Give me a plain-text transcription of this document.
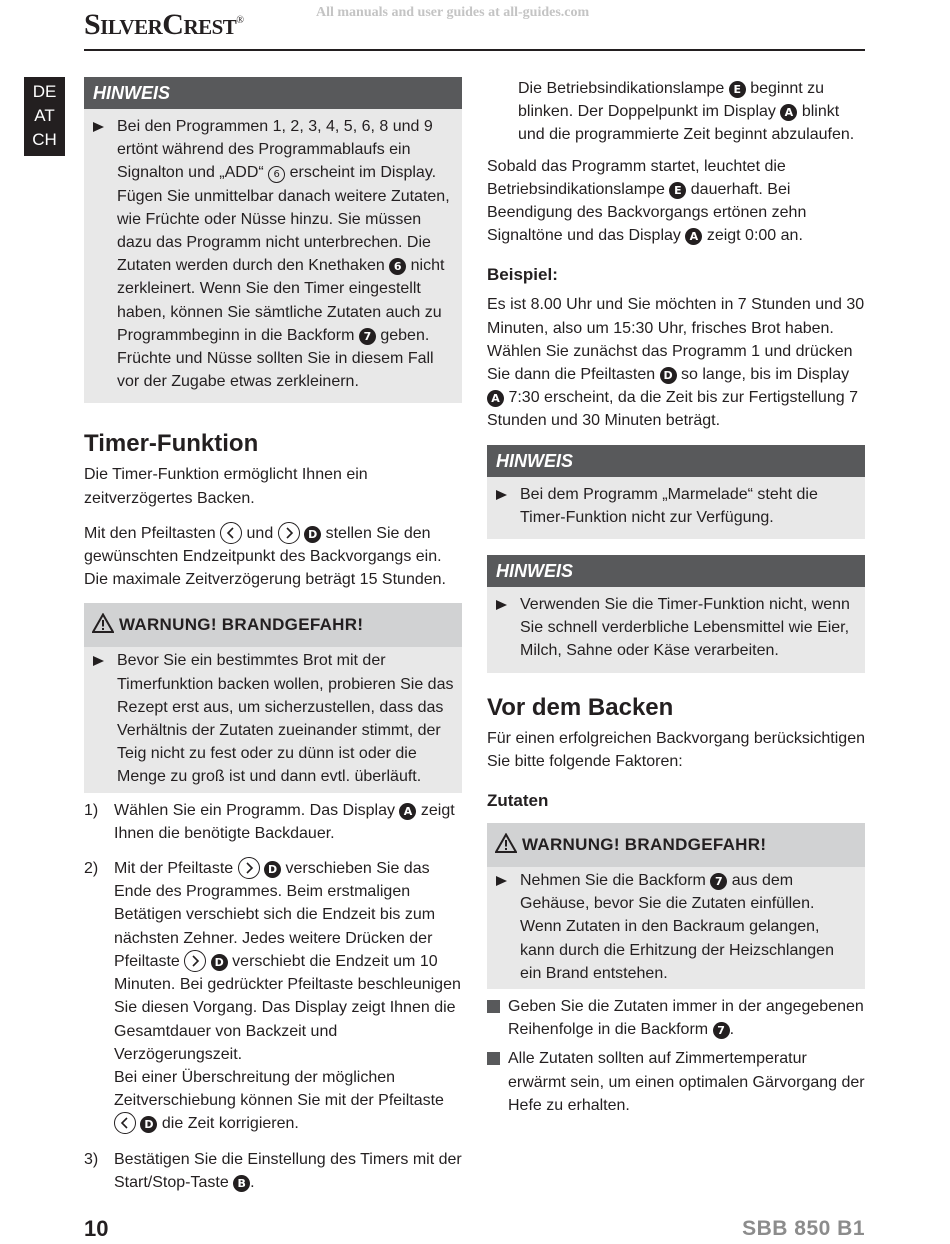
SilverCrest®
All manuals and user guides at all-guides.com
DE
AT
CH
HINWEIS
Bei den Programmen 1, 2, 3, 4, 5, 6, 8 und 9 ertönt während des Programmablaufs ein Signalton und „ADD“ 6 erscheint im Display. Fügen Sie unmittelbar danach weitere Zutaten, wie Früchte oder Nüsse hinzu. Sie müssen dazu das Programm nicht unterbrechen. Die Zutaten werden durch den Knethaken 6 nicht zerkleinert. Wenn Sie den Timer eingestellt haben, können Sie sämtliche Zutaten auch zu Programmbeginn in die Backform 7 geben. Früchte und Nüsse sollten Sie in diesem Fall vor der Zugabe etwas zerkleinern.

Timer-Funktion

Die Timer-Funktion ermöglicht Ihnen ein zeitverzögertes Backen.

Mit den Pfeiltasten und	D stellen Sie den gewünschten Endzeitpunkt des Backvorgangs ein. Die maximale Zeitverzögerung beträgt 15 Stunden.

WARNUNG! BRANDGEFAHR!
Bevor Sie ein bestimmtes Brot mit der Timerfunktion backen wollen, probieren Sie das Rezept erst aus, um sicherzustellen, dass das Verhältnis der Zutaten zueinander stimmt, der Teig nicht zu fest oder zu dünn ist oder die Menge zu groß ist und dann evtl. überläuft.
1) Wählen Sie ein Programm. Das Display A zeigt Ihnen die benötigte Backdauer.
2) Mit der Pfeiltaste	D verschieben Sie das Ende des Programmes. Beim erstmaligen Betätigen verschiebt sich die Endzeit bis zum nächsten Zehner. Jedes weitere Drücken der Pfeiltaste	D verschiebt die Endzeit um 10 Minuten. Bei gedrückter Pfeiltaste beschleunigen Sie diesen Vorgang. Das Display zeigt Ihnen die Gesamtdauer von Backzeit und Verzögerungszeit.
Bei einer Überschreitung der möglichen Zeitverschiebung können Sie mit der Pfeiltaste
D die Zeit korrigieren.
3) Bestätigen Sie die Einstellung des Timers mit der Start/Stop-Taste B .
Die Betriebsindikationslampe E beginnt zu blinken. Der Doppelpunkt im Display A blinkt und die programmierte Zeit beginnt abzulaufen.

Sobald das Programm startet, leuchtet die Betriebsindikationslampe E dauerhaft. Bei Beendigung des Backvorgangs ertönen zehn Signaltöne und das Display A zeigt 0:00 an.

Beispiel:

Es ist 8.00 Uhr und Sie möchten in 7 Stunden und 30 Minuten, also um 15:30 Uhr, frisches Brot haben. Wählen Sie zunächst das Programm 1 und drücken Sie dann die Pfeiltasten D so lange, bis im Display A 7:30 erscheint, da die Zeit bis zur Fertigstellung 7 Stunden und 30 Minuten beträgt.

HINWEIS
Bei dem Programm „Marmelade“ steht die Timer-Funktion nicht zur Verfügung.
HINWEIS
Verwenden Sie die Timer-Funktion nicht, wenn Sie schnell verderbliche Lebensmittel wie Eier, Milch, Sahne oder Käse verarbeiten.

Vor dem Backen

Für einen erfolgreichen Backvorgang berücksichtigen Sie bitte folgende Faktoren:

Zutaten

WARNUNG! BRANDGEFAHR!
Nehmen Sie die Backform 7 aus dem Gehäuse, bevor Sie die Zutaten einfüllen. Wenn Zutaten in den Backraum gelangen, kann durch die Erhitzung der Heizschlangen ein Brand entstehen.
Geben Sie die Zutaten immer in der angegebenen Reihenfolge in die Backform 7 .
Alle Zutaten sollten auf Zimmertemperatur erwärmt sein, um einen optimalen Gärvorgang der Hefe zu erhalten.
10	SBB 850 B1
